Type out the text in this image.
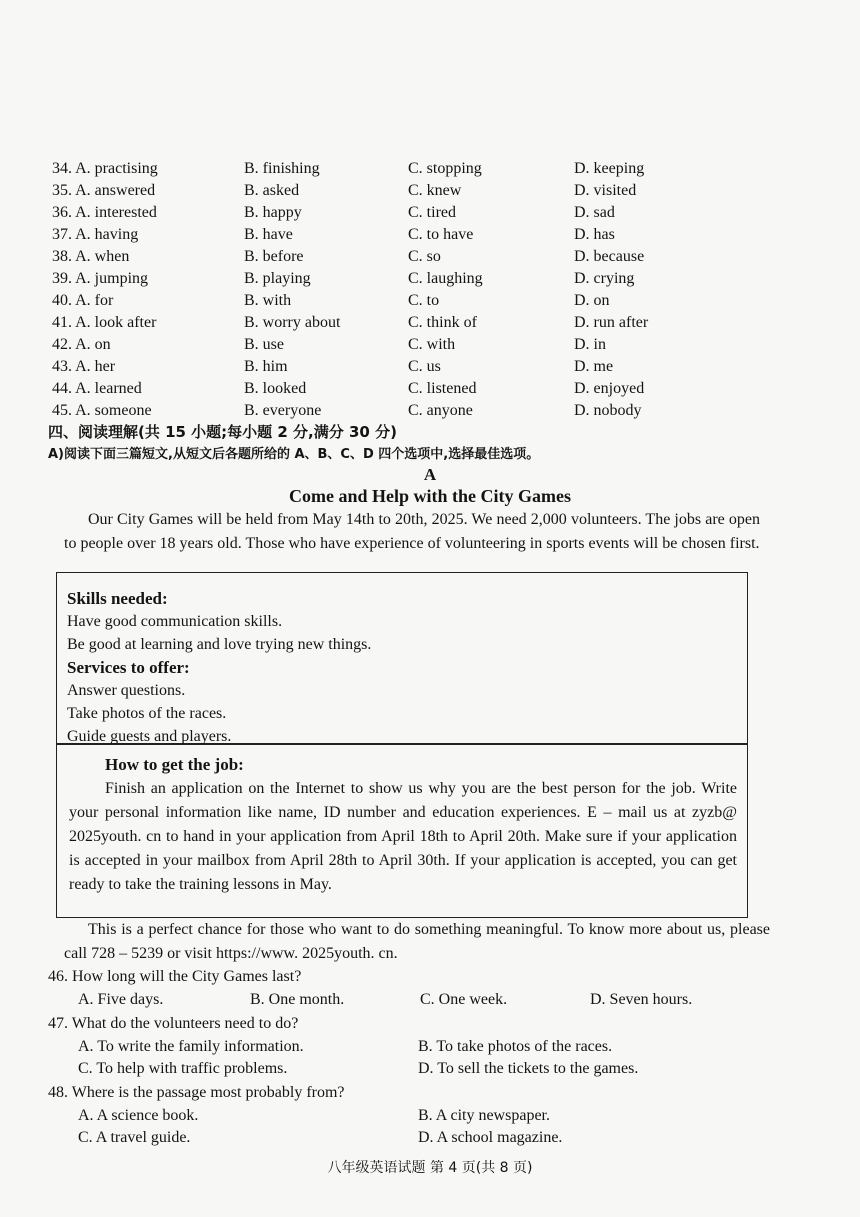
34. A. practising	B. finishing	C. stopping	D. keeping
35. A. answered	B. asked	C. knew	D. visited
36. A. interested	B. happy	C. tired	D. sad
37. A. having	B. have	C. to have	D. has
38. A. when	B. before	C. so	D. because
39. A. jumping	B. playing	C. laughing	D. crying
40. A. for	B. with	C. to	D. on
41. A. look after	B. worry about	C. think of	D. run after
42. A. on	B. use	C. with	D. in
43. A. her	B. him	C. us	D. me
44. A. learned	B. looked	C. listened	D. enjoyed
45. A. someone	B. everyone	C. anyone	D. nobody
四、阅读理解(共 15 小题;每小题 2 分,满分 30 分)
A)阅读下面三篇短文,从短文后各题所给的 A、B、C、D 四个选项中,选择最佳选项。
A
Come and Help with the City Games
Our City Games will be held from May 14th to 20th, 2025. We need 2,000 volunteers. The jobs are open to people over 18 years old. Those who have experience of volunteering in sports events will be chosen first.
Skills needed:
Have good communication skills.
Be good at learning and love trying new things.
Services to offer:
Answer questions.
Take photos of the races.
Guide guests and players.
How to get the job:
Finish an application on the Internet to show us why you are the best person for the job. Write your personal information like name, ID number and education experiences. E – mail us at zyzb@ 2025youth. cn to hand in your application from April 18th to April 20th. Make sure if your application is accepted in your mailbox from April 28th to April 30th. If your application is accepted, you can get ready to take the training lessons in May.
This is a perfect chance for those who want to do something meaningful. To know more about us, please call 728 – 5239 or visit https://www. 2025youth. cn.
46. How long will the City Games last?
A. Five days.	B. One month.	C. One week.	D. Seven hours.
47. What do the volunteers need to do?
A. To write the family information.	B. To take photos of the races.
C. To help with traffic problems.	D. To sell the tickets to the games.
48. Where is the passage most probably from?
A. A science book.	B. A city newspaper.
C. A travel guide.	D. A school magazine.
八年级英语试题 第 4 页(共 8 页)
